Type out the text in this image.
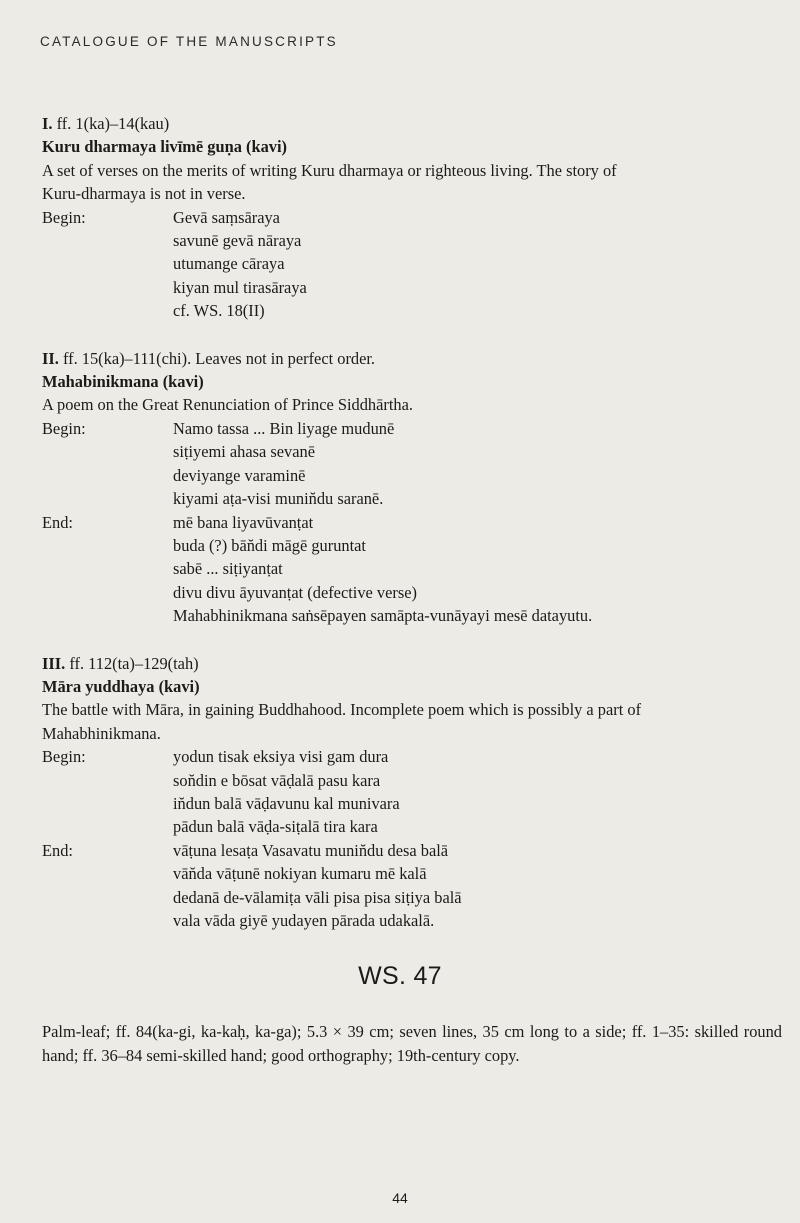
CATALOGUE OF THE MANUSCRIPTS
I. ff. 1(ka)–14(kau)
Kuru dharmaya livīmē guṇa (kavi)
A set of verses on the merits of writing Kuru dharmaya or righteous living. The story of
Kuru-dharmaya is not in verse.
Begin:	Gevā saṃsāraya
savunē gevā nāraya
utumange cāraya
kiyan mul tirasāraya
cf. WS. 18(II)
II. ff. 15(ka)–111(chi). Leaves not in perfect order.
Mahabinikmana (kavi)
A poem on the Great Renunciation of Prince Siddhārtha.
Begin:	Namo tassa ... Bin liyage mudunē
siṭiyemi ahasa sevanē
deviyange varaminē
kiyami aṭa-visi munin̆du saranē.
End:	mē bana liyavūvanṭat
buda (?) bān̆di māgē guruntat
sabē ... siṭiyanṭat
divu divu āyuvanṭat (defective verse)
Mahabhinikmana saṅsēpayen samāpta-vunāyayi mesē datayutu.
III. ff. 112(ta)–129(tah)
Māra yuddhaya (kavi)
The battle with Māra, in gaining Buddhahood. Incomplete poem which is possibly a part of
Mahabhinikmana.
Begin:	yodun tisak eksiya visi gam dura
son̆din e bōsat vāḍalā pasu kara
in̆dun balā vāḍavunu kal munivara
pādun balā vāḍa-siṭalā tira kara
End:	vāṭuna lesaṭa Vasavatu munin̆du desa balā
vān̆da vāṭunē nokiyan kumaru mē kalā
dedanā de-vālamiṭa vāli pisa pisa siṭiya balā
vala vāda giyē yudayen pārada udakalā.
WS. 47
Palm-leaf; ff. 84(ka-gi, ka-kaḥ, ka-ga); 5.3 × 39 cm; seven lines, 35 cm long to a side; ff. 1–35: skilled round hand; ff. 36–84 semi-skilled hand; good orthography; 19th-century copy.
44
